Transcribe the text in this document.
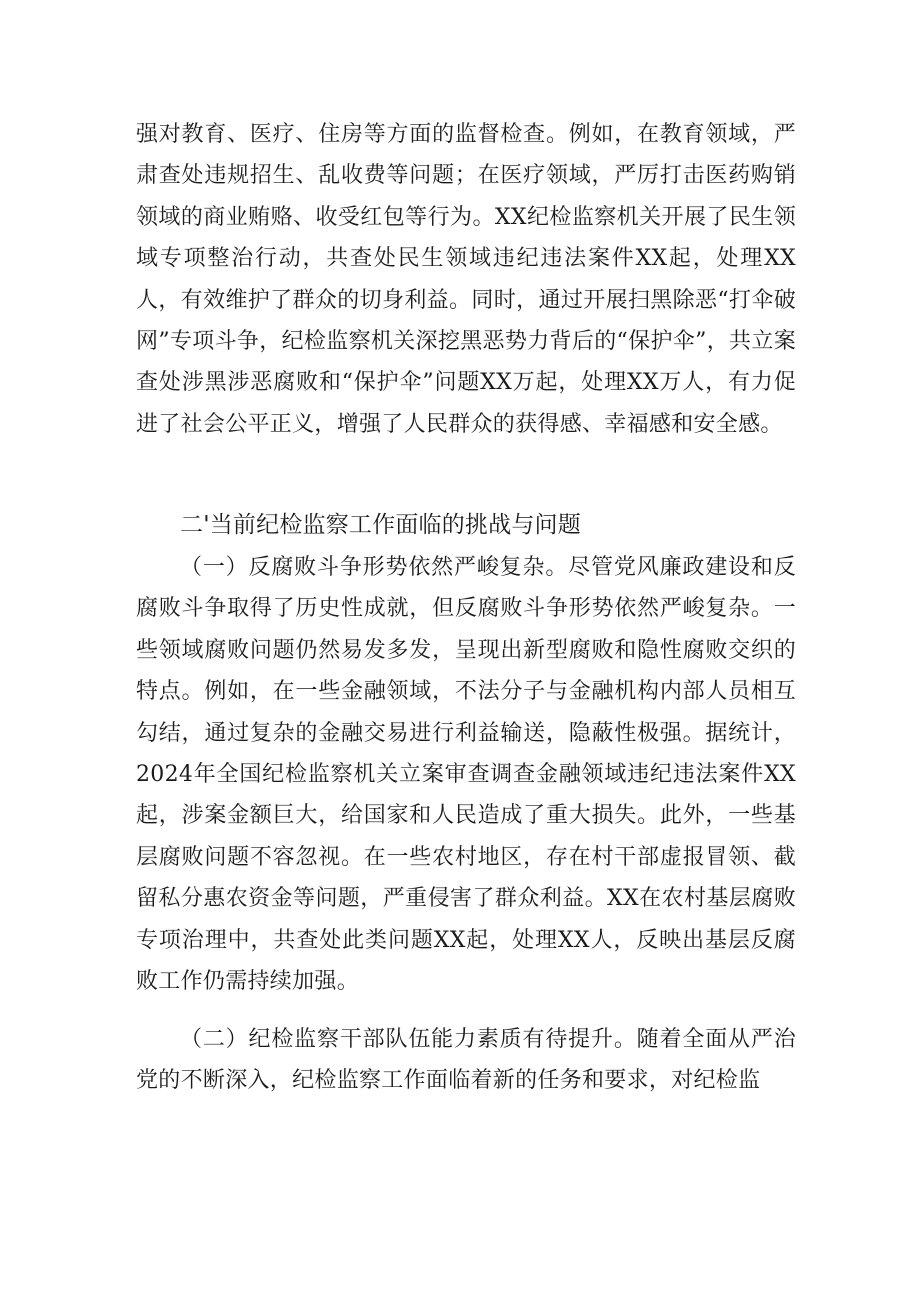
强对教育、医疗、住房等方面的监督检查。例如，在教育领域，严肃查处违规招生、乱收费等问题；在医疗领域，严厉打击医药购销领域的商业贿赂、收受红包等行为。XX纪检监察机关开展了民生领域专项整治行动，共查处民生领域违纪违法案件XX起，处理XX人，有效维护了群众的切身利益。同时，通过开展扫黑除恶“打伞破网”专项斗争，纪检监察机关深挖黑恶势力背后的“保护伞”，共立案查处涉黑涉恶腐败和“保护伞”问题XX万起，处理XX万人，有力促进了社会公平正义，增强了人民群众的获得感、幸福感和安全感。

二'当前纪检监察工作面临的挑战与问题

（一）反腐败斗争形势依然严峻复杂。尽管党风廉政建设和反腐败斗争取得了历史性成就，但反腐败斗争形势依然严峻复杂。一些领域腐败问题仍然易发多发，呈现出新型腐败和隐性腐败交织的特点。例如，在一些金融领域，不法分子与金融机构内部人员相互勾结，通过复杂的金融交易进行利益输送，隐蔽性极强。据统计，2024年全国纪检监察机关立案审查调查金融领域违纪违法案件XX起，涉案金额巨大，给国家和人民造成了重大损失。此外，一些基层腐败问题不容忽视。在一些农村地区，存在村干部虚报冒领、截留私分惠农资金等问题，严重侵害了群众利益。XX在农村基层腐败专项治理中，共查处此类问题XX起，处理XX人，反映出基层反腐败工作仍需持续加强。

（二）纪检监察干部队伍能力素质有待提升。随着全面从严治党的不断深入，纪检监察工作面临着新的任务和要求，对纪检监
